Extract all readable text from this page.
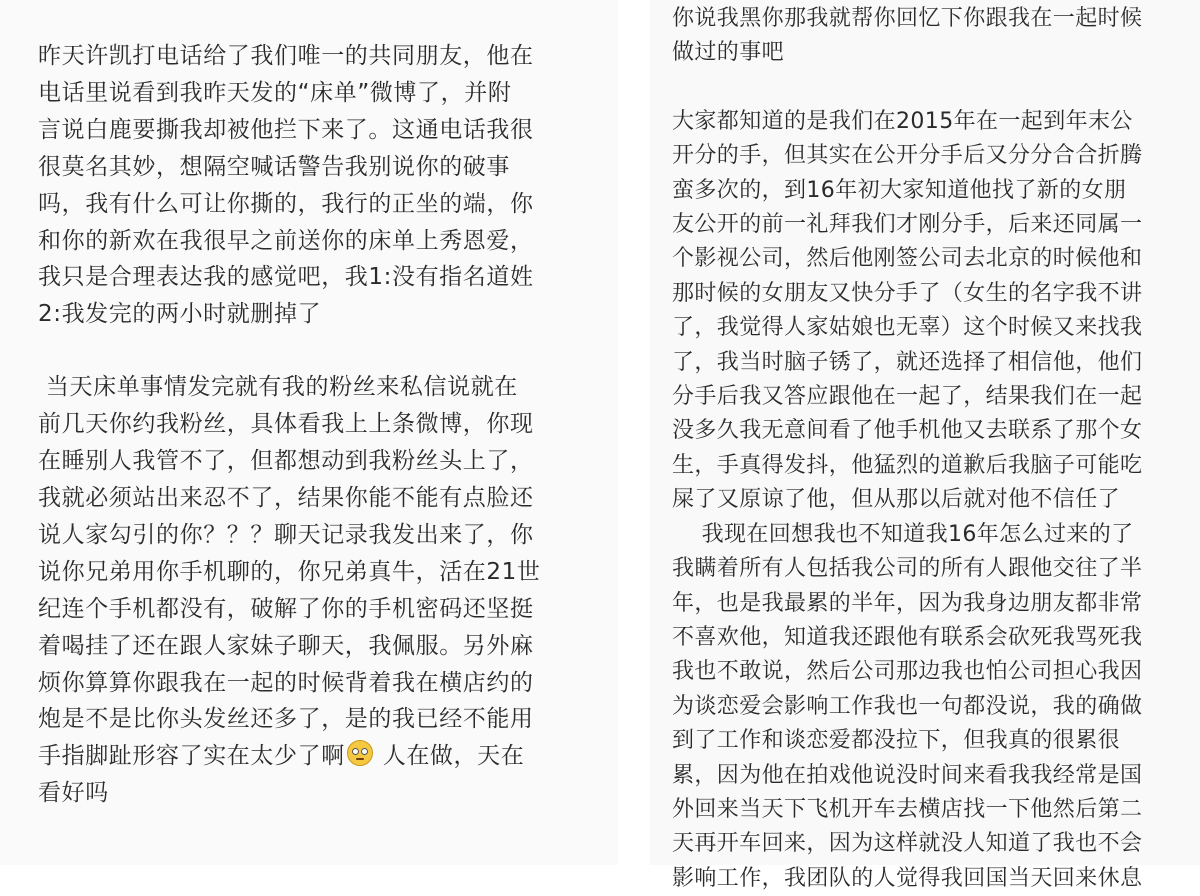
昨天许凯打电话给了我们唯一的共同朋友，他在
电话里说看到我昨天发的“床单”微博了，并附
言说白鹿要撕我却被他拦下来了。这通电话我很
很莫名其妙，想隔空喊话警告我别说你的破事
吗，我有什么可让你撕的，我行的正坐的端，你
和你的新欢在我很早之前送你的床单上秀恩爱，
我只是合理表达我的感觉吧，我1:没有指名道姓
2:我发完的两小时就删掉了
当天床单事情发完就有我的粉丝来私信说就在
前几天你约我粉丝，具体看我上上条微博，你现
在睡别人我管不了，但都想动到我粉丝头上了，
我就必须站出来忍不了，结果你能不能有点脸还
说人家勾引的你？？？聊天记录我发出来了，你
说你兄弟用你手机聊的，你兄弟真牛，活在21世
纪连个手机都没有，破解了你的手机密码还坚挺
着喝挂了还在跟人家妹子聊天，我佩服。另外麻
烦你算算你跟我在一起的时候背着我在横店约的
炮是不是比你头发丝还多了，是的我已经不能用
手指脚趾形容了实在太少了啊
人在做，天在
看好吗
你说我黑你那我就帮你回忆下你跟我在一起时候
做过的事吧
大家都知道的是我们在2015年在一起到年末公
开分的手，但其实在公开分手后又分分合合折腾
蛮多次的，到16年初大家知道他找了新的女朋
友公开的前一礼拜我们才刚分手，后来还同属一
个影视公司，然后他刚签公司去北京的时候他和
那时候的女朋友又快分手了（女生的名字我不讲
了，我觉得人家姑娘也无辜）这个时候又来找我
了，我当时脑子锈了，就还选择了相信他，他们
分手后我又答应跟他在一起了，结果我们在一起
没多久我无意间看了他手机他又去联系了那个女
生，手真得发抖，他猛烈的道歉后我脑子可能吃
屎了又原谅了他，但从那以后就对他不信任了
我现在回想我也不知道我16年怎么过来的了
我瞒着所有人包括我公司的所有人跟他交往了半
年，也是我最累的半年，因为我身边朋友都非常
不喜欢他，知道我还跟他有联系会砍死我骂死我
我也不敢说，然后公司那边我也怕公司担心我因
为谈恋爱会影响工作我也一句都没说，我的确做
到了工作和谈恋爱都没拉下，但我真的很累很
累，因为他在拍戏他说没时间来看我我经常是国
外回来当天下飞机开车去横店找一下他然后第二
天再开车回来，因为这样就没人知道了我也不会
影响工作，我团队的人觉得我回国当天回来休息
